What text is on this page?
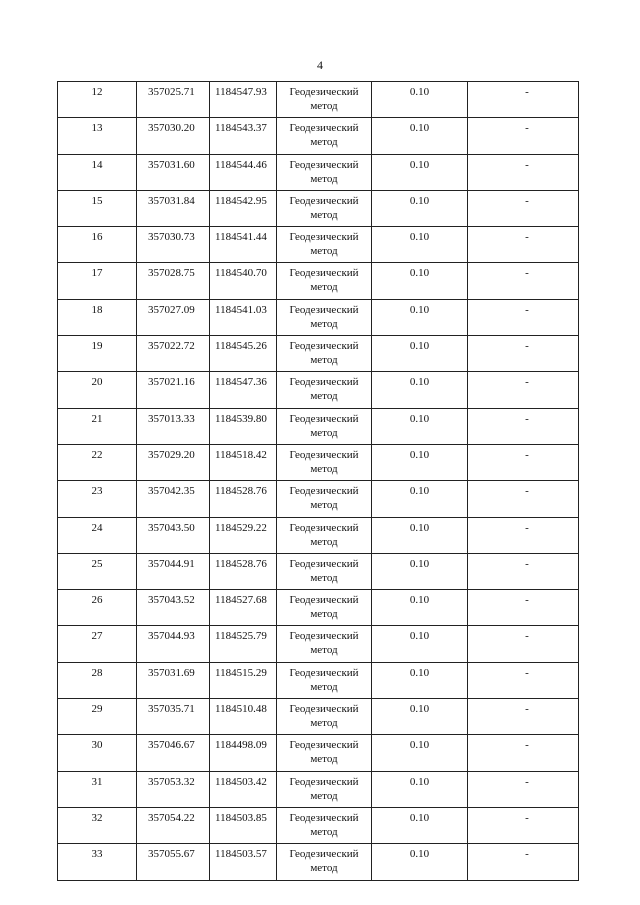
4
12	357025.71	1184547.93	Геодезический метод	0.10	-

13	357030.20	1184543.37	Геодезический метод	0.10	-

14	357031.60	1184544.46	Геодезический метод	0.10	-

15	357031.84	1184542.95	Геодезический метод	0.10	-

16	357030.73	1184541.44	Геодезический метод	0.10	-

17	357028.75	1184540.70	Геодезический метод	0.10	-

18	357027.09	1184541.03	Геодезический метод	0.10	-

19	357022.72	1184545.26	Геодезический метод	0.10	-

20	357021.16	1184547.36	Геодезический метод	0.10	-

21	357013.33	1184539.80	Геодезический метод	0.10	-

22	357029.20	1184518.42	Геодезический метод	0.10	-

23	357042.35	1184528.76	Геодезический метод	0.10	-

24	357043.50	1184529.22	Геодезический метод	0.10	-

25	357044.91	1184528.76	Геодезический метод	0.10	-

26	357043.52	1184527.68	Геодезический метод	0.10	-

27	357044.93	1184525.79	Геодезический метод	0.10	-

28	357031.69	1184515.29	Геодезический метод	0.10	-

29	357035.71	1184510.48	Геодезический метод	0.10	-

30	357046.67	1184498.09	Геодезический метод	0.10	-

31	357053.32	1184503.42	Геодезический метод	0.10	-

32	357054.22	1184503.85	Геодезический метод	0.10	-

33	357055.67	1184503.57	Геодезический метод	0.10	-
